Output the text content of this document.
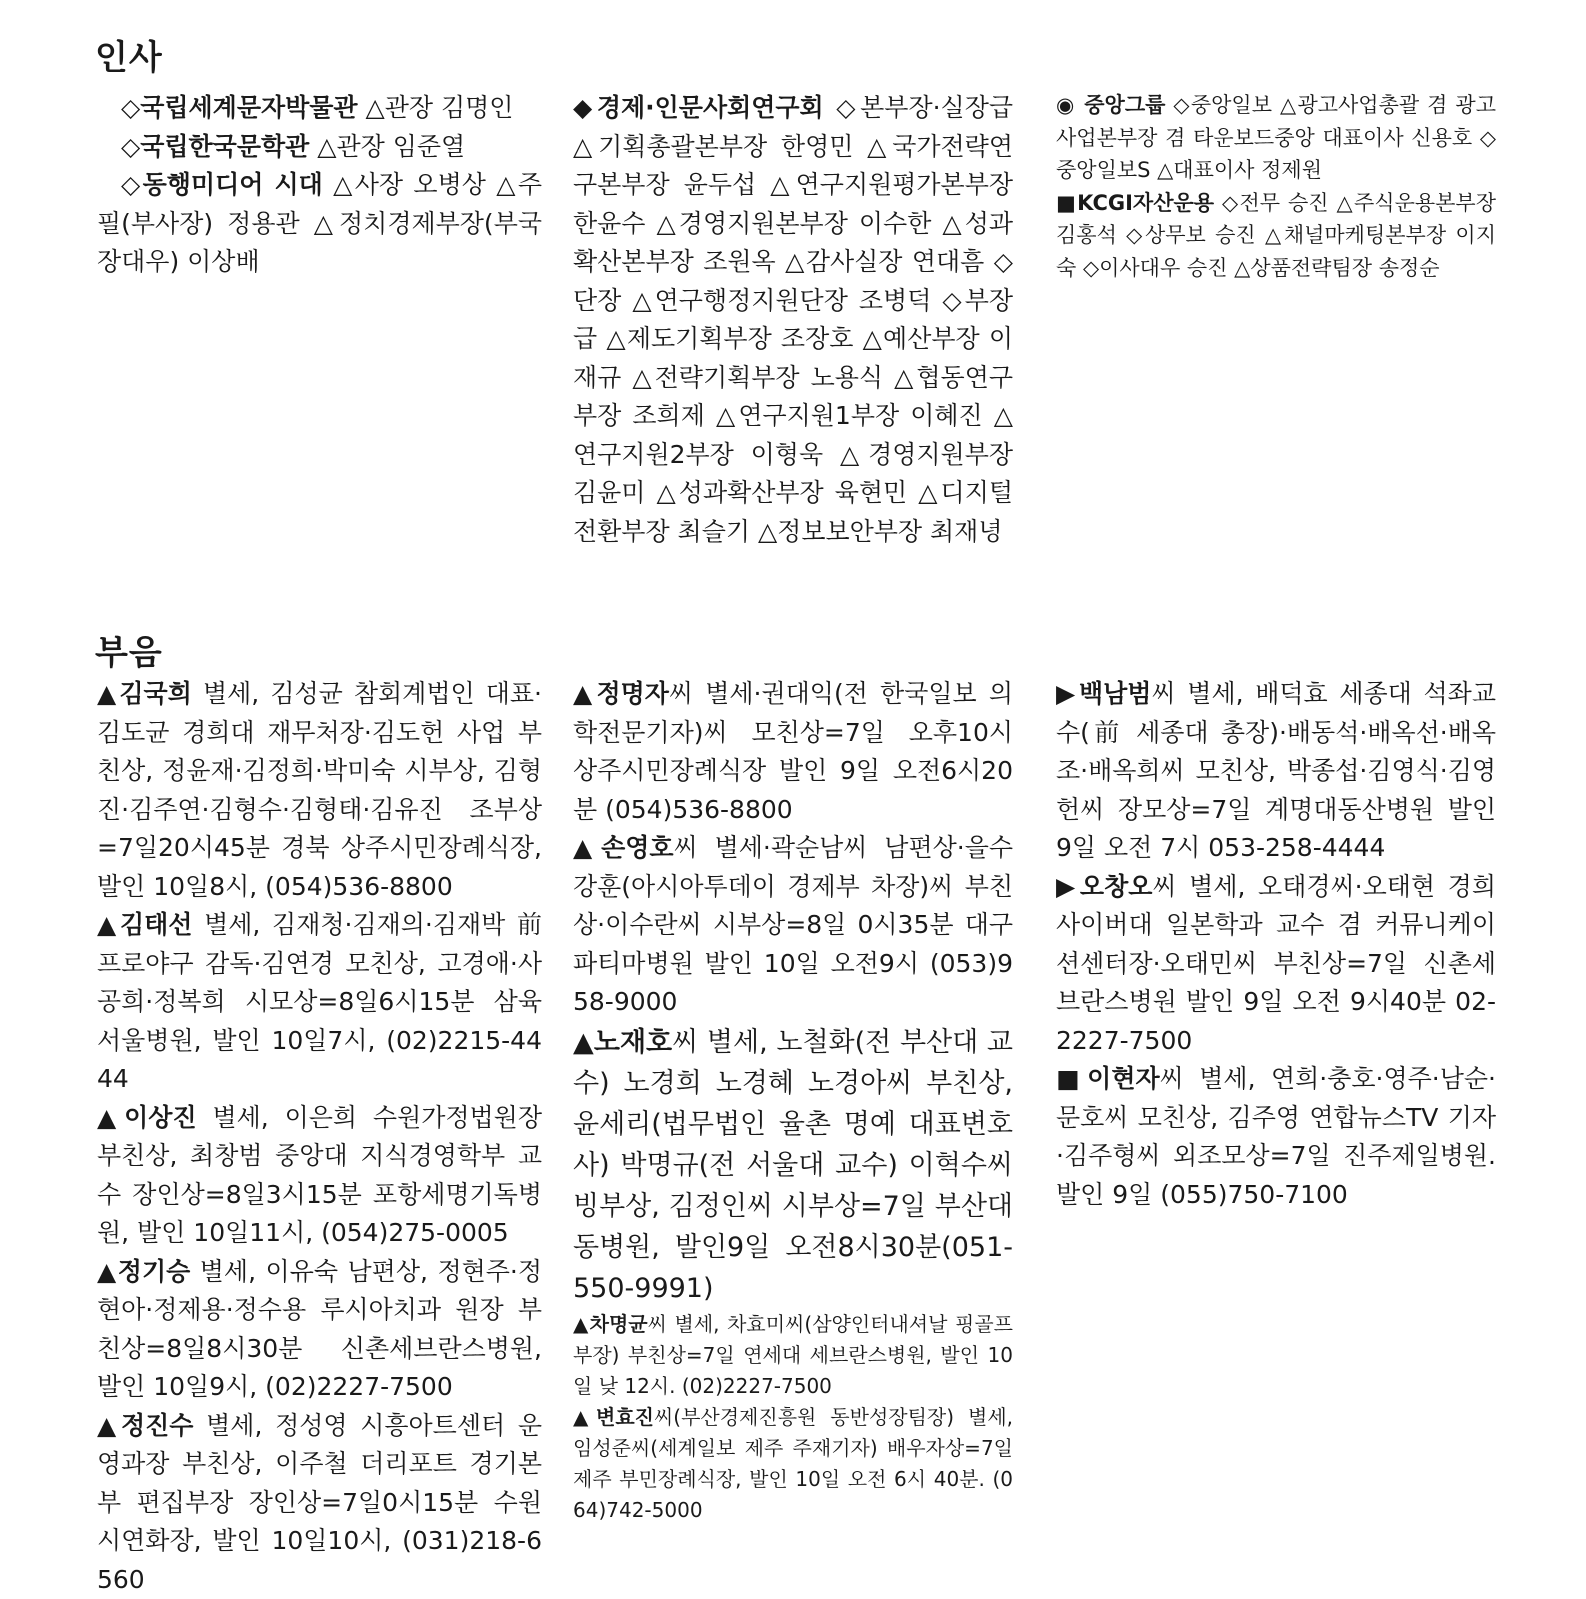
인사

◇국립세계문자박물관 △관장 김명인

◇국립한국문학관 △관장 임준열

◇동행미디어 시대 △사장 오병상 △주필(부사장) 정용관 △정치경제부장(부국장대우) 이상배

◆경제·인문사회연구회 ◇본부장·실장급 △기획총괄본부장 한영민 △국가전략연구본부장 윤두섭 △연구지원평가본부장 한윤수 △경영지원본부장 이수한 △성과확산본부장 조원옥 △감사실장 연대흠 ◇단장 △연구행정지원단장 조병덕 ◇부장급 △제도기획부장 조장호 △예산부장 이재규 △전략기획부장 노용식 △협동연구부장 조희제 △연구지원1부장 이혜진 △연구지원2부장 이형욱 △경영지원부장 김윤미 △성과확산부장 육현민 △디지털전환부장 최슬기 △정보보안부장 최재녕

◉ 중앙그룹 ◇중앙일보 △광고사업총괄 겸 광고사업본부장 겸 타운보드중앙 대표이사 신용호 ◇중앙일보S △대표이사 정제원

■KCGI자산운용 ◇전무 승진 △주식운용본부장 김홍석 ◇상무보 승진 △채널마케팅본부장 이지숙 ◇이사대우 승진 △상품전략팀장 송정순

부음

▲김국희 별세, 김성균 참회계법인 대표·김도균 경희대 재무처장·김도헌 사업 부친상, 정윤재·김정희·박미숙 시부상, 김형진·김주연·김형수·김형태·김유진 조부상=7일20시45분 경북 상주시민장례식장, 발인 10일8시, (054)536-8800

▲김태선 별세, 김재청·김재의·김재박 前 프로야구 감독·김연경 모친상, 고경애·사공희·정복희 시모상=8일6시15분 삼육서울병원, 발인 10일7시, (02)2215-4444

▲이상진 별세, 이은희 수원가정법원장 부친상, 최창범 중앙대 지식경영학부 교수 장인상=8일3시15분 포항세명기독병원, 발인 10일11시, (054)275-0005

▲정기승 별세, 이유숙 남편상, 정현주·정현아·정제용·정수용 루시아치과 원장 부친상=8일8시30분 신촌세브란스병원, 발인 10일9시, (02)2227-7500

▲정진수 별세, 정성영 시흥아트센터 운영과장 부친상, 이주철 더리포트 경기본부 편집부장 장인상=7일0시15분 수원시연화장, 발인 10일10시, (031)218-6560

▲정명자씨 별세·권대익(전 한국일보 의학전문기자)씨 모친상=7일 오후10시 상주시민장례식장 발인 9일 오전6시20분 (054)536-8800

▲손영호씨 별세·곽순남씨 남편상·을수 강훈(아시아투데이 경제부 차장)씨 부친상·이수란씨 시부상=8일 0시35분 대구파티마병원 발인 10일 오전9시 (053)958-9000

▲노재호씨 별세, 노철화(전 부산대 교수) 노경희 노경혜 노경아씨 부친상, 윤세리(법무법인 율촌 명예 대표변호사) 박명규(전 서울대 교수) 이혁수씨 빙부상, 김정인씨 시부상=7일 부산대동병원, 발인9일 오전8시30분(051-550-9991)

▲차명균씨 별세, 차효미씨(삼양인터내셔날 핑골프 부장) 부친상=7일 연세대 세브란스병원, 발인 10일 낮 12시. (02)2227-7500

▲변효진씨(부산경제진흥원 동반성장팀장) 별세, 임성준씨(세계일보 제주 주재기자) 배우자상=7일 제주 부민장례식장, 발인 10일 오전 6시 40분. (064)742-5000

▶백남범씨 별세, 배덕효 세종대 석좌교수(前 세종대 총장)·배동석·배옥선·배옥조·배옥희씨 모친상, 박종섭·김영식·김영헌씨 장모상=7일 계명대동산병원 발인 9일 오전 7시 053-258-4444

▶오창오씨 별세, 오태경씨·오태현 경희사이버대 일본학과 교수 겸 커뮤니케이션센터장·오태민씨 부친상=7일 신촌세브란스병원 발인 9일 오전 9시40분 02-2227-7500

■이현자씨 별세, 연희·충호·영주·남순·문호씨 모친상, 김주영 연합뉴스TV 기자·김주형씨 외조모상=7일 진주제일병원. 발인 9일 (055)750-7100
